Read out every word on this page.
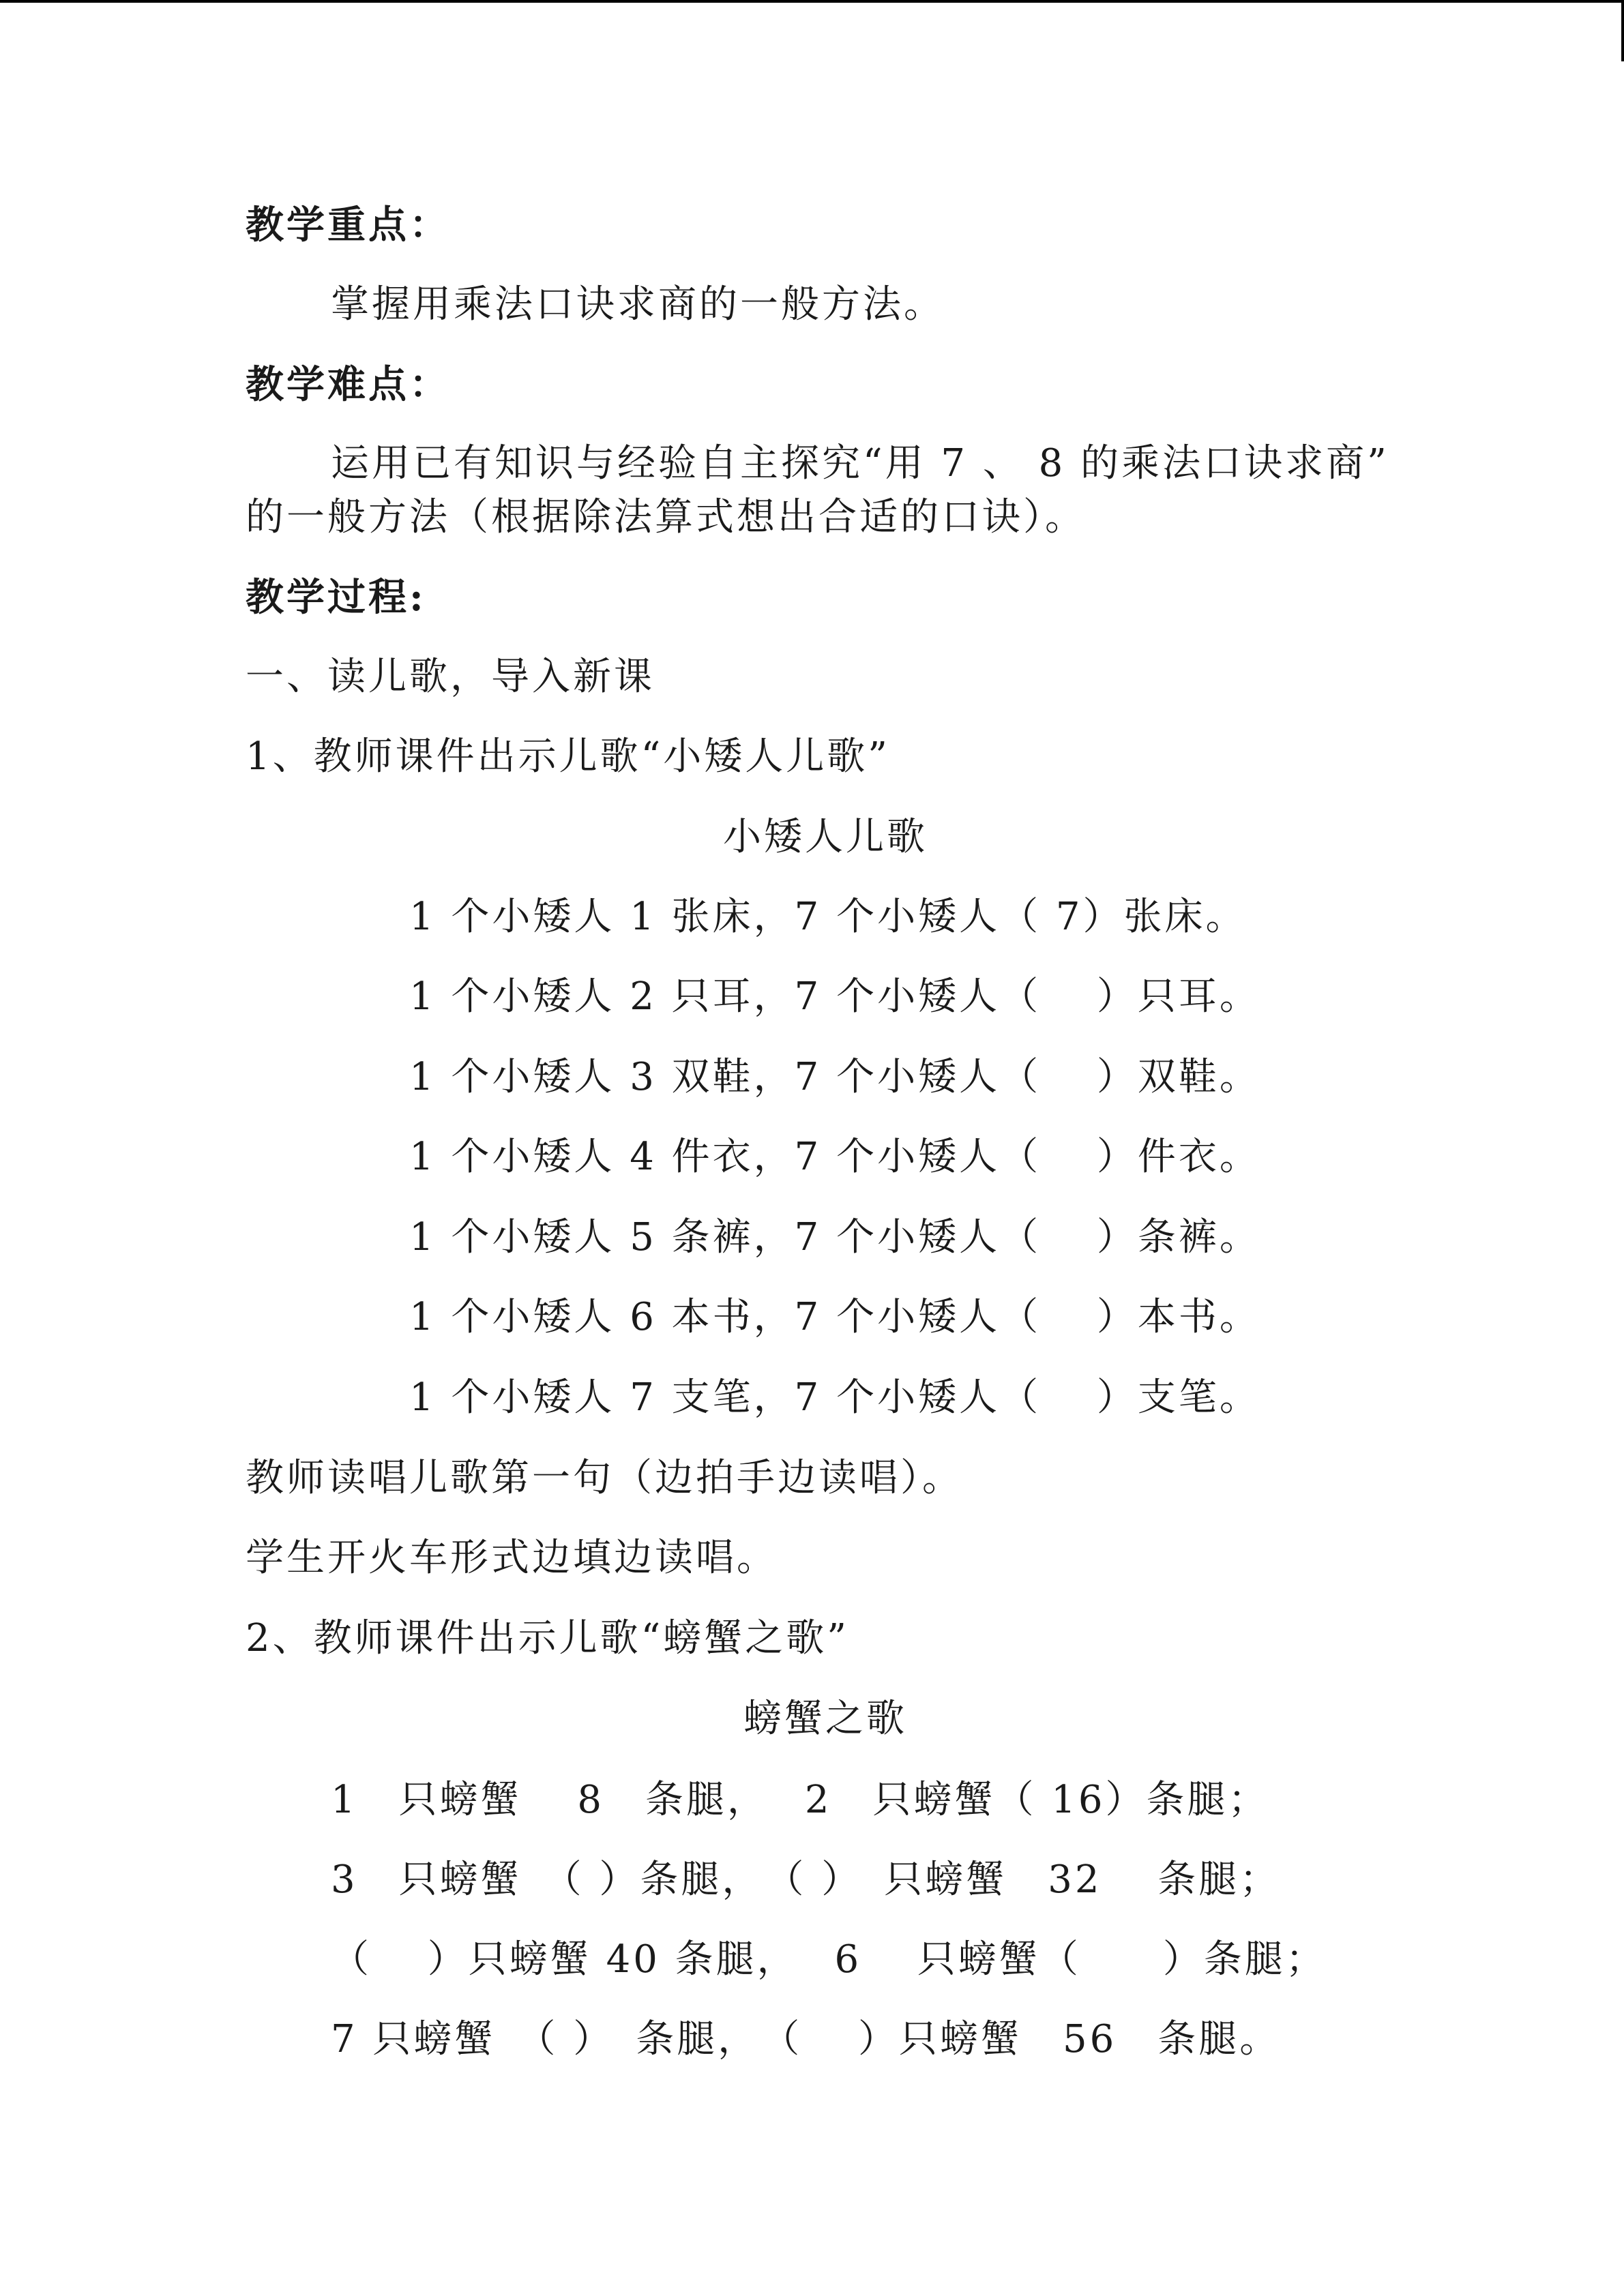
教学重点：
掌握用乘法口诀求商的一般方法。
教学难点：
运用已有知识与经验自主探究“用 7 、 8 的乘法口诀求商”
的一般方法（根据除法算式想出合适的口诀）。
教学过程:
一、读儿歌，导入新课
1、教师课件出示儿歌“小矮人儿歌”
小矮人儿歌
1 个小矮人 1 张床，7 个小矮人（ 7）张床。
1 个小矮人 2 只耳，7 个小矮人（　 ）只耳。
1 个小矮人 3 双鞋，7 个小矮人（　 ）双鞋。
1 个小矮人 4 件衣，7 个小矮人（　 ）件衣。
1 个小矮人 5 条裤，7 个小矮人（　 ）条裤。
1 个小矮人 6 本书，7 个小矮人（　 ）本书。
1 个小矮人 7 支笔，7 个小矮人（　 ）支笔。
教师读唱儿歌第一句（边拍手边读唱）。
学生开火车形式边填边读唱。
2、教师课件出示儿歌“螃蟹之歌”
螃蟹之歌
1　只螃蟹　 8　条腿，　 2　只螃蟹（ 16）条腿；
3　只螃蟹　（ ）条腿，　（ ）　只螃蟹　32　 条腿；
（　 ）只螃蟹 40 条腿，　 6　 只螃蟹（　　）条腿；
7 只螃蟹　（ ）　条腿，　（　 ）只螃蟹　56　条腿。
